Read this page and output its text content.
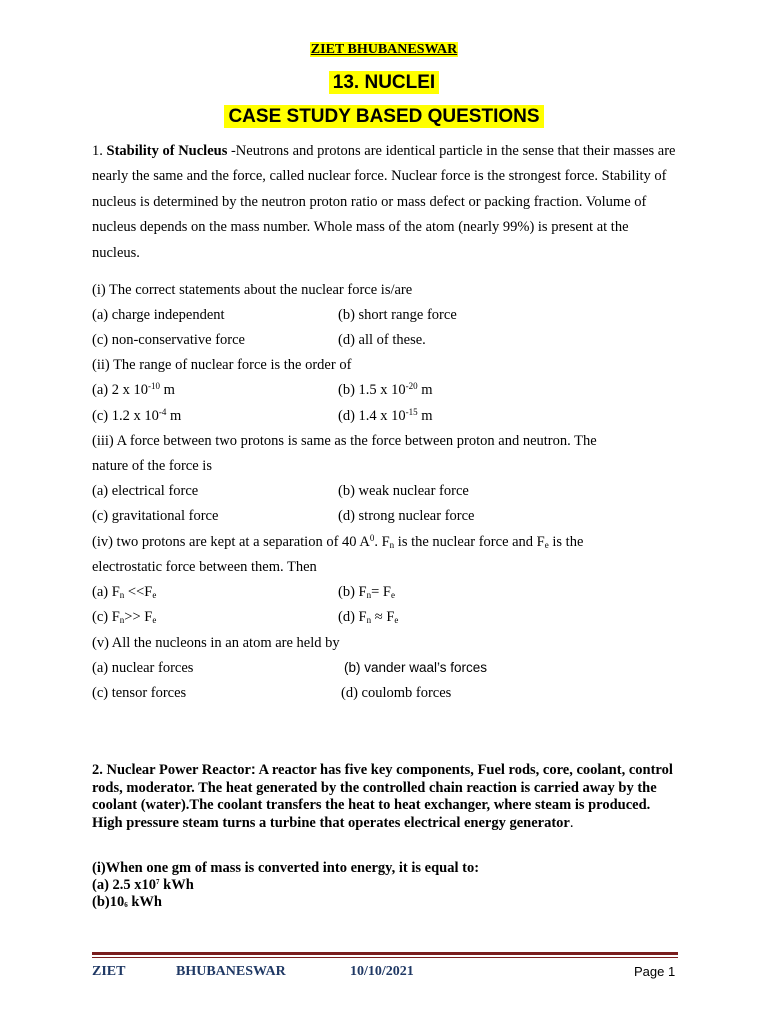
ZIET BHUBANESWAR
13. NUCLEI
CASE STUDY BASED QUESTIONS
1. Stability of Nucleus -Neutrons and protons are identical particle in the sense that their masses are nearly the same and the force, called nuclear force. Nuclear force is the strongest force. Stability of nucleus is determined by the neutron proton ratio or mass defect or packing fraction. Volume of nucleus depends on the mass number. Whole mass of the atom (nearly 99%) is present at the nucleus.
(i) The correct statements about the nuclear force is/are
(a) charge independent	(b) short range force
(c) non-conservative force	(d) all of these.
(ii) The range of nuclear force is the order of
(a) 2 x $10^{-10}$ m	(b) 1.5 x $10^{-20}$ m
(c) 1.2 x $10^{-4}$ m	(d) 1.4 x $10^{-15}$ m
(iii) A force between two protons is same as the force between proton and neutron. The
nature of the force is
(a) electrical force	(b) weak nuclear force
(c) gravitational force	(d) strong nuclear force
(iv) two protons are kept at a separation of 40 $A^0$. $F_n$ is the nuclear force and $F_e$ is the
electrostatic force between them. Then
(a) $F_n <<F_e$	(b) $F_n= F_e$
(c) $F_n>> F_e$	(d) $F_n \approx F_e$
(v) All the nucleons in an atom are held by
(a) nuclear forces	(b) vander waal’s forces
(c) tensor forces	(d) coulomb forces
2. Nuclear Power Reactor: A reactor has five key components, Fuel rods, core, coolant, control rods, moderator. The heat generated by the controlled chain reaction is carried away by the coolant (water).The coolant transfers the heat to heat exchanger, where steam is produced. High pressure steam turns a turbine that operates electrical energy generator.
(i)When one gm of mass is converted into energy, it is equal to:
(a) 2.5 $x10^7$ kWh
(b)106 kWh
ZIET	BHUBANESWAR	10/10/2021	Page 1
